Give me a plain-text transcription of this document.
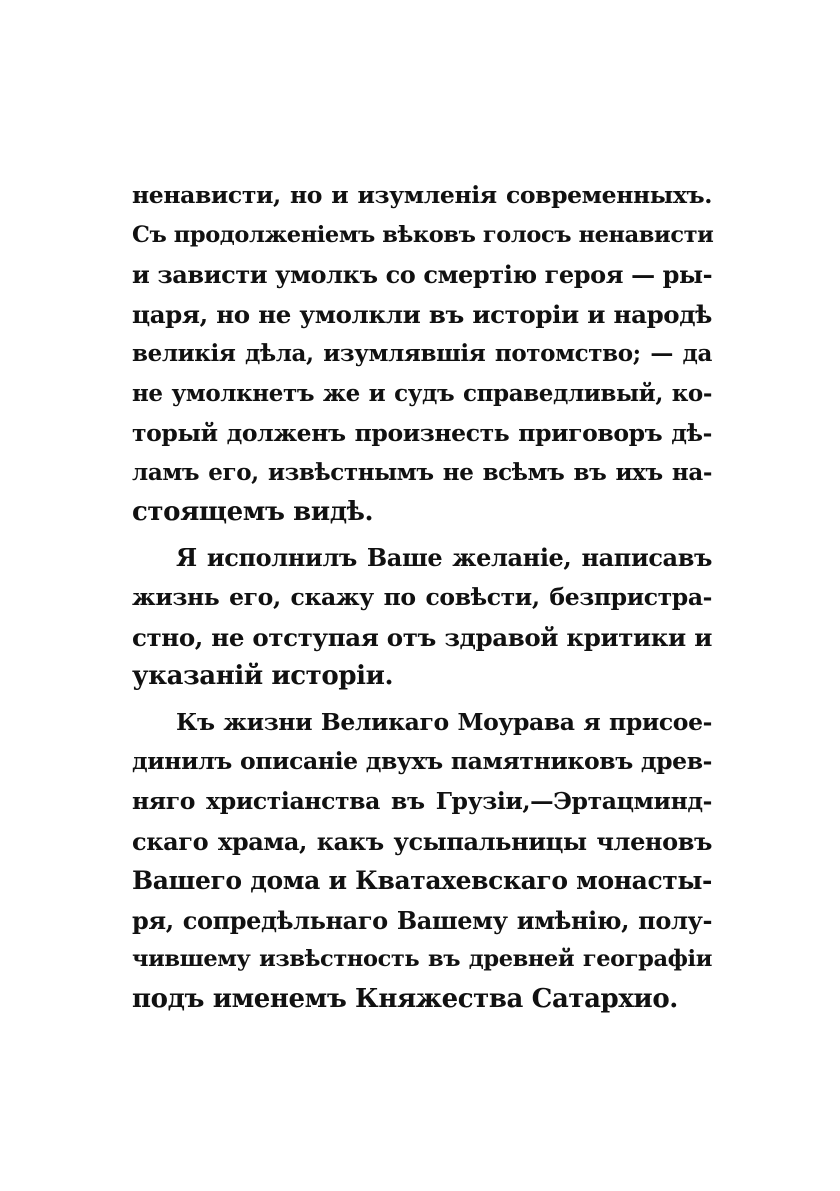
ненависти, но и изумленія современныхъ.
Съ продолженіемъ вѣковъ голосъ ненависти
и зависти умолкъ со смертію героя — ры-
царя, но не умолкли въ исторіи и народѣ
великія дѣла, изумлявшія потомство; — да
не умолкнетъ же и судъ справедливый, ко-
торый долженъ произнесть приговоръ дѣ-
ламъ его, извѣстнымъ не всѣмъ въ ихъ на-
стоящемъ видѣ.
Я исполнилъ Ваше желаніе, написавъ
жизнь его, скажу по совѣсти, безпристра-
стно, не отступая отъ здравой критики и
указаній исторіи.
Къ жизни Великаго Моурава я присое-
динилъ описаніе двухъ памятниковъ древ-
няго христіанства въ Грузіи,—Эртацминд-
скаго храма, какъ усыпальницы членовъ
Вашего дома и Кватахевскаго монасты-
ря, сопредѣльнаго Вашему имѣнію, полу-
чившему извѣстность въ древней географіи
подъ именемъ Княжества Сатархио.
